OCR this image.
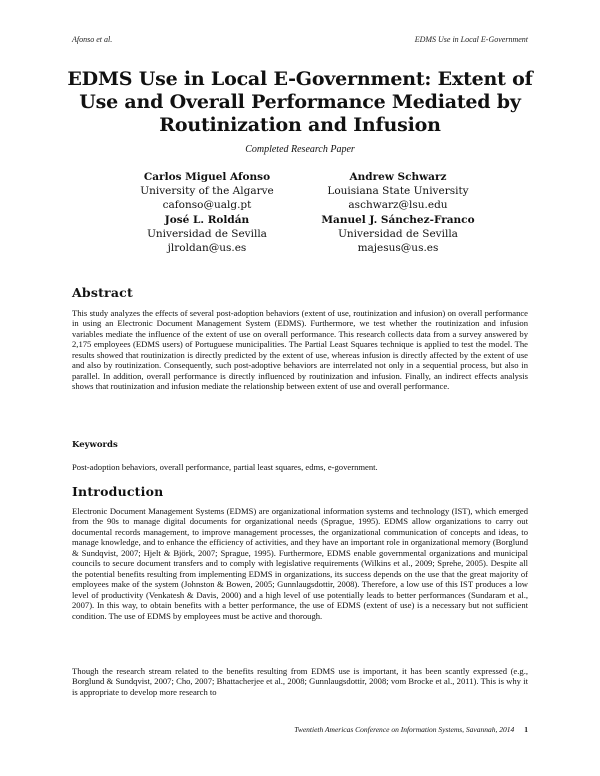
Afonso et al.	EDMS Use in Local E-Government
EDMS Use in Local E-Government: Extent of Use and Overall Performance Mediated by Routinization and Infusion
Completed Research Paper
Carlos Miguel Afonso
University of the Algarve
cafonso@ualg.pt
José L. Roldán
Universidad de Sevilla
jlroldan@us.es
Andrew Schwarz
Louisiana State University
aschwarz@lsu.edu
Manuel J. Sánchez-Franco
Universidad de Sevilla
majesus@us.es
Abstract

This study analyzes the effects of several post-adoption behaviors (extent of use, routinization and infusion) on overall performance in using an Electronic Document Management System (EDMS). Furthermore, we test whether the routinization and infusion variables mediate the influence of the extent of use on overall performance. This research collects data from a survey answered by 2,175 employees (EDMS users) of Portuguese municipalities. The Partial Least Squares technique is applied to test the model. The results showed that routinization is directly predicted by the extent of use, whereas infusion is directly affected by the extent of use and also by routinization. Consequently, such post-adoptive behaviors are interrelated not only in a sequential process, but also in parallel. In addition, overall performance is directly influenced by routinization and infusion. Finally, an indirect effects analysis shows that routinization and infusion mediate the relationship between extent of use and overall performance.

Keywords

Post-adoption behaviors, overall performance, partial least squares, edms, e-government.

Introduction

Electronic Document Management Systems (EDMS) are organizational information systems and technology (IST), which emerged from the 90s to manage digital documents for organizational needs (Sprague, 1995). EDMS allow organizations to carry out documental records management, to improve management processes, the organizational communication of concepts and ideas, to manage knowledge, and to enhance the efficiency of activities, and they have an important role in organizational memory (Borglund & Sundqvist, 2007; Hjelt & Björk, 2007; Sprague, 1995). Furthermore, EDMS enable governmental organizations and municipal councils to secure document transfers and to comply with legislative requirements (Wilkins et al., 2009; Sprehe, 2005). Despite all the potential benefits resulting from implementing EDMS in organizations, its success depends on the use that the great majority of employees make of the system (Johnston & Bowen, 2005; Gunnlaugsdottir, 2008). Therefore, a low use of this IST produces a low level of productivity (Venkatesh & Davis, 2000) and a high level of use potentially leads to better performances (Sundaram et al., 2007). In this way, to obtain benefits with a better performance, the use of EDMS (extent of use) is a necessary but not sufficient condition. The use of EDMS by employees must be active and thorough.

Though the research stream related to the benefits resulting from EDMS use is important, it has been scantly expressed (e.g., Borglund & Sundqvist, 2007; Cho, 2007; Bhattacherjee et al., 2008; Gunnlaugsdottir, 2008; vom Brocke et al., 2011). This is why it is appropriate to develop more research to

Twentieth Americas Conference on Information Systems, Savannah, 2014 1
